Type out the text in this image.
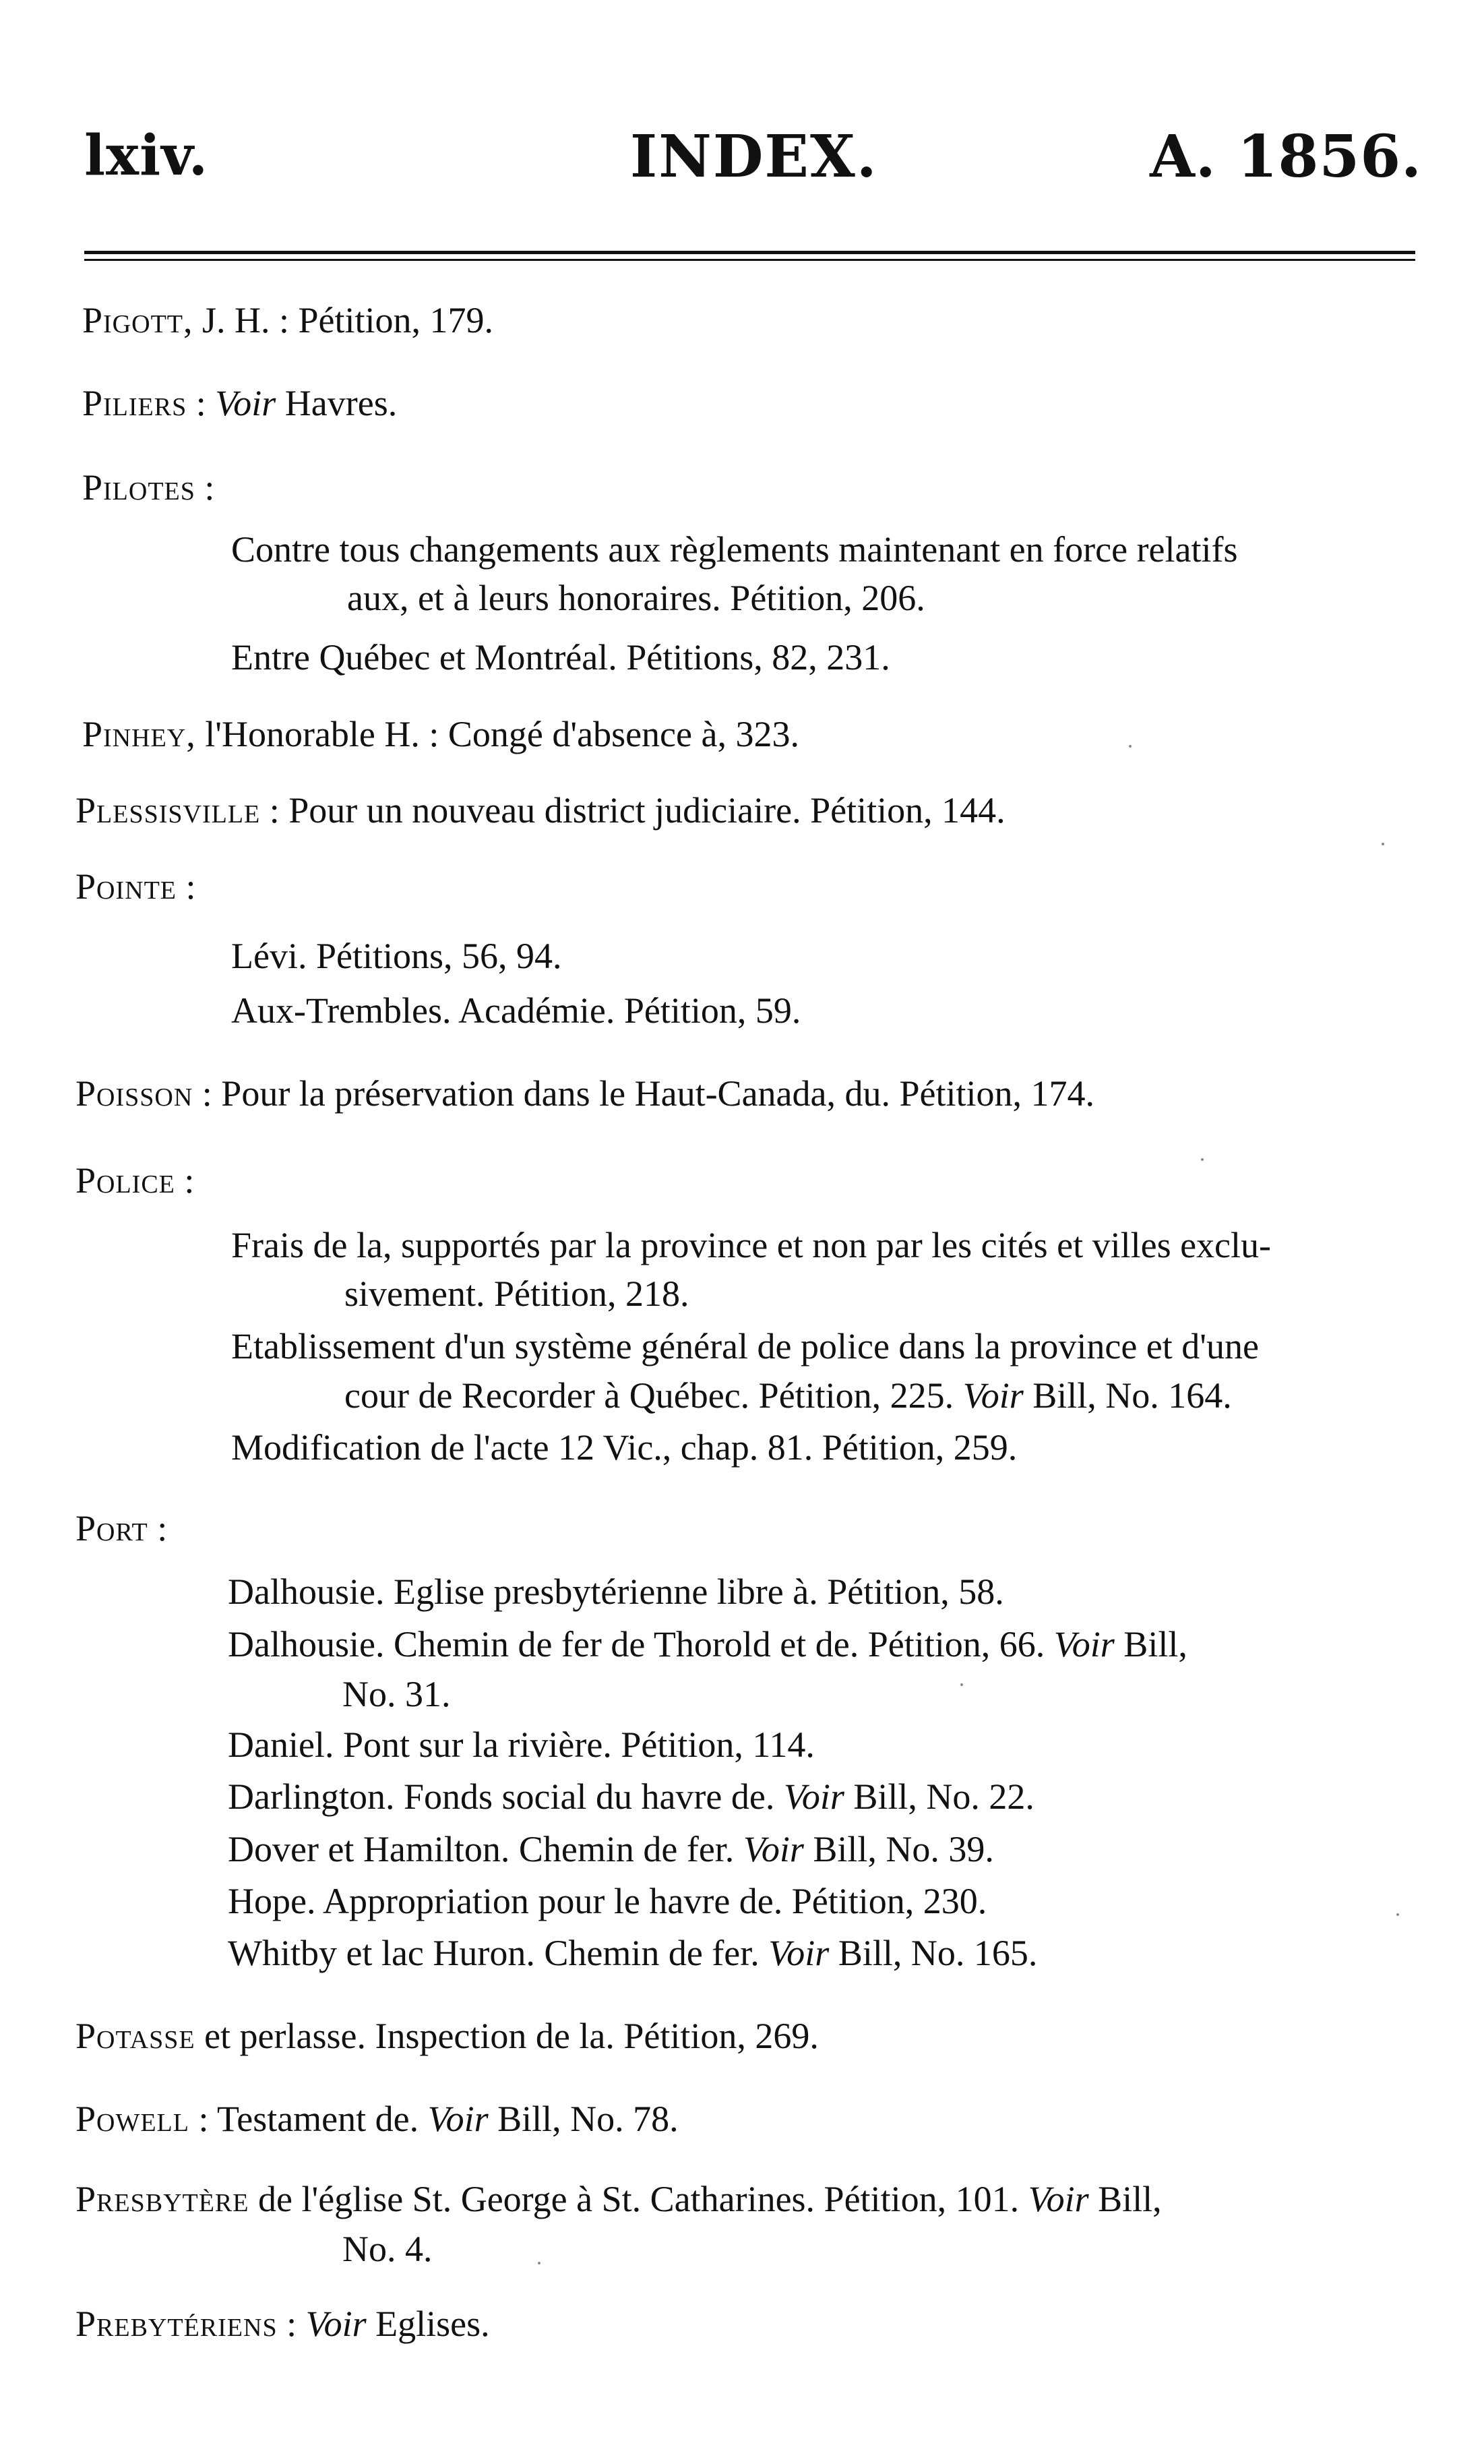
lxiv.	INDEX.	A. 1856.
Pigott, J. H. : Pétition, 179.
Piliers : Voir Havres.
Pilotes :
Contre tous changements aux règlements maintenant en force relatifs
aux, et à leurs honoraires. Pétition, 206.
Entre Québec et Montréal. Pétitions, 82, 231.
Pinhey, l'Honorable H. : Congé d'absence à, 323.
Plessisville : Pour un nouveau district judiciaire. Pétition, 144.
Pointe :
Lévi. Pétitions, 56, 94.
Aux-Trembles. Académie. Pétition, 59.
Poisson : Pour la préservation dans le Haut-Canada, du. Pétition, 174.
Police :
Frais de la, supportés par la province et non par les cités et villes exclu-
sivement. Pétition, 218.
Etablissement d'un système général de police dans la province et d'une
cour de Recorder à Québec. Pétition, 225. Voir Bill, No. 164.
Modification de l'acte 12 Vic., chap. 81. Pétition, 259.
Port :
Dalhousie. Eglise presbytérienne libre à. Pétition, 58.
Dalhousie. Chemin de fer de Thorold et de. Pétition, 66. Voir Bill,
No. 31.
Daniel. Pont sur la rivière. Pétition, 114.
Darlington. Fonds social du havre de. Voir Bill, No. 22.
Dover et Hamilton. Chemin de fer. Voir Bill, No. 39.
Hope. Appropriation pour le havre de. Pétition, 230.
Whitby et lac Huron. Chemin de fer. Voir Bill, No. 165.
Potasse et perlasse. Inspection de la. Pétition, 269.
Powell : Testament de. Voir Bill, No. 78.
Presbytère de l'église St. George à St. Catharines. Pétition, 101. Voir Bill,
No. 4.
Prebytériens : Voir Eglises.
